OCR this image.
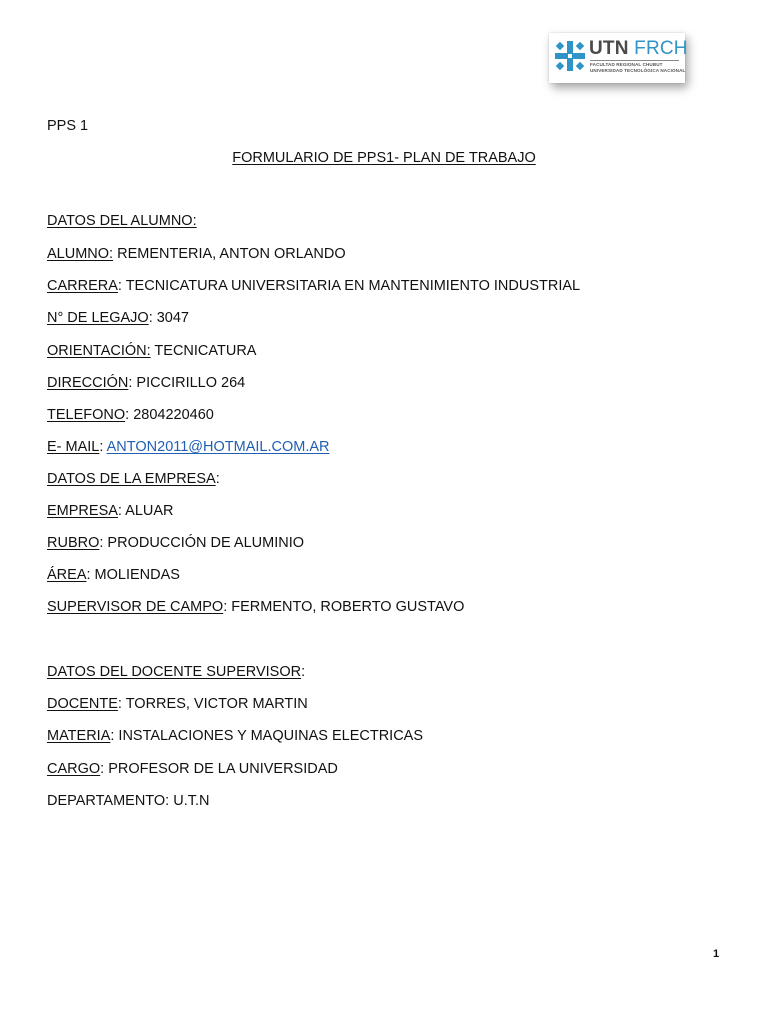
UTN FRCH
FACULTAD REGIONAL CHUBUT
UNIVERSIDAD TECNOLÓGICA NACIONAL
PPS 1
FORMULARIO DE PPS1- PLAN DE TRABAJO
DATOS DEL ALUMNO:
ALUMNO: REMENTERIA, ANTON ORLANDO
CARRERA: TECNICATURA UNIVERSITARIA EN MANTENIMIENTO INDUSTRIAL
N° DE LEGAJO: 3047
ORIENTACIÓN: TECNICATURA
DIRECCIÓN: PICCIRILLO 264
TELEFONO: 2804220460
E- MAIL: ANTON2011@HOTMAIL.COM.AR
DATOS DE LA EMPRESA:
EMPRESA: ALUAR
RUBRO: PRODUCCIÓN DE ALUMINIO
ÁREA: MOLIENDAS
SUPERVISOR DE CAMPO: FERMENTO, ROBERTO GUSTAVO
DATOS DEL DOCENTE SUPERVISOR:
DOCENTE: TORRES, VICTOR MARTIN
MATERIA: INSTALACIONES Y MAQUINAS ELECTRICAS
CARGO: PROFESOR DE LA UNIVERSIDAD
DEPARTAMENTO: U.T.N
1
